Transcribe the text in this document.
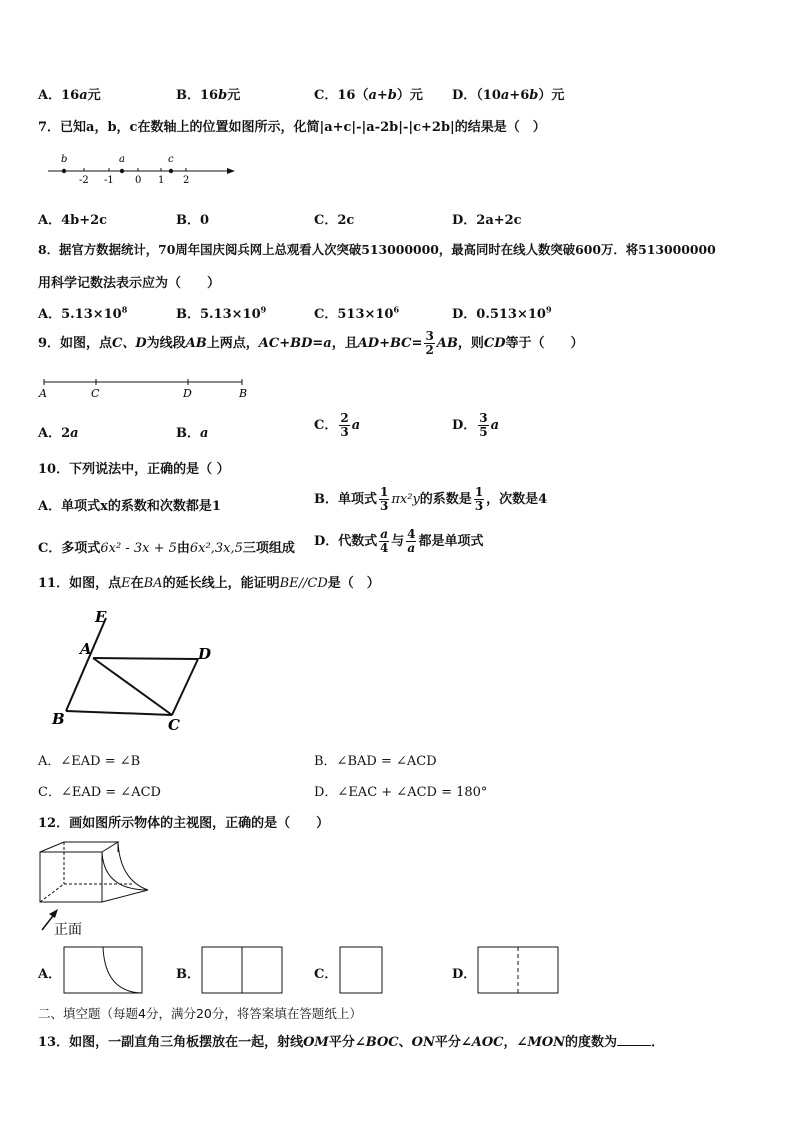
A．16a元	B．16b元	C．16（a+b）元 D．（10a+6b）元
7．已知a，b，c在数轴上的位置如图所示，化简|a+c|-|a-2b|-|c+2b|的结果是（　）
b	a	c
-2 -1 0 1 2
A．4b+2c	B．0	C．2c	D．2a+2c
8．据官方数据统计，70周年国庆阅兵网上总观看人次突破513000000，最高同时在线人数突破600万．将513000000
用科学记数法表示应为（　　）
A．$5.13\times 10^8$	B．$5.13\times 10^9$	C．$513\times 10^6$	D．$0.513\times 10^9$
9．如图，点C、D为线段AB上两点，AC+BD=a，且$AD+BC= \frac{3}{2}$ AB，则CD等于（　　）
A	C	D	B
A．2a	B．a
C． $\frac{2}{3}$ a	D． $\frac{3}{5}$ a
10．下列说法中，正确的是（ ）
A．单项式x的系数和次数都是1	B．单项式 $\frac{1}{3} \pi x^2y$的系数是 $\frac{1}{3}$ ，次数是4
C．多项式6x² - 3x + 5由6x²,3x,5三项组成 D．代数式 $\frac{a}{4}$ 与 $\frac{4}{a}$ 都是单项式
11．如图，点E在BA的延长线上，能证明BE//CD是（　）
E
A	D
B	C
A．∠EAD = ∠B	B．∠BAD = ∠ACD
C．∠EAD = ∠ACD	D．∠EAC + ∠ACD = 180°
12．画如图所示物体的主视图，正确的是（　　）
正面
A．	B．	C．	D．
二、填空题（每题4分，满分20分，将答案填在答题纸上）
13．如图，一副直角三角板摆放在一起，射线OM平分∠BOC、ON平分∠AOC，∠MON的度数为	．
